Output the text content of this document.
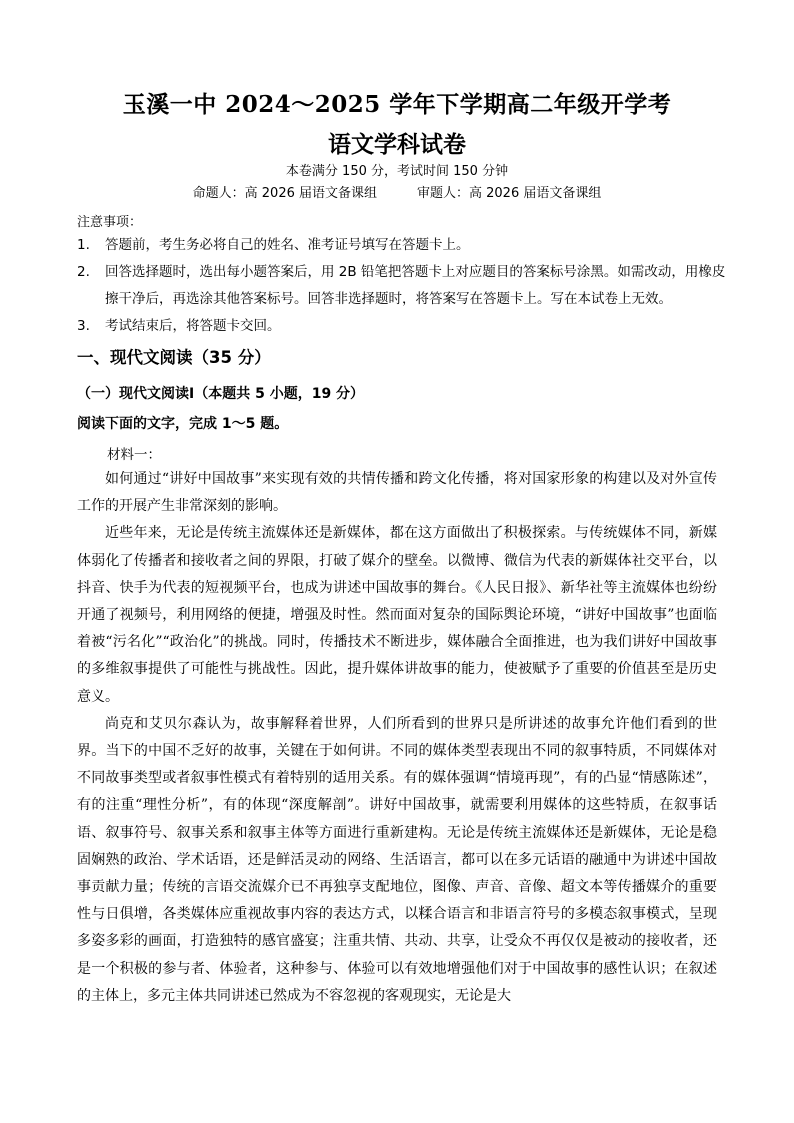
玉溪一中 2024～2025 学年下学期高二年级开学考
语文学科试卷
本卷满分 150 分，考试时间 150 分钟
命题人：高 2026 届语文备课组	审题人：高 2026 届语文备课组
注意事项：
1. 答题前，考生务必将自己的姓名、准考证号填写在答题卡上。
2. 回答选择题时，选出每小题答案后，用 2B 铅笔把答题卡上对应题目的答案标号涂黑。如需改动，用橡皮擦干净后，再选涂其他答案标号。回答非选择题时，将答案写在答题卡上。写在本试卷上无效。
3. 考试结束后，将答题卡交回。
一、现代文阅读（35 分）
（一）现代文阅读Ⅰ（本题共 5 小题，19 分）
阅读下面的文字，完成 1～5 题。
材料一：

如何通过“讲好中国故事”来实现有效的共情传播和跨文化传播，将对国家形象的构建以及对外宣传工作的开展产生非常深刻的影响。

近些年来，无论是传统主流媒体还是新媒体，都在这方面做出了积极探索。与传统媒体不同，新媒体弱化了传播者和接收者之间的界限，打破了媒介的壁垒。以微博、微信为代表的新媒体社交平台，以抖音、快手为代表的短视频平台，也成为讲述中国故事的舞台。《人民日报》、新华社等主流媒体也纷纷开通了视频号，利用网络的便捷，增强及时性。然而面对复杂的国际舆论环境，“讲好中国故事”也面临着被“污名化”“政治化”的挑战。同时，传播技术不断进步，媒体融合全面推进，也为我们讲好中国故事的多维叙事提供了可能性与挑战性。因此，提升媒体讲故事的能力，使被赋予了重要的价值甚至是历史意义。

尚克和艾贝尔森认为，故事解释着世界，人们所看到的世界只是所讲述的故事允许他们看到的世界。当下的中国不乏好的故事，关键在于如何讲。不同的媒体类型表现出不同的叙事特质，不同媒体对不同故事类型或者叙事性模式有着特别的适用关系。有的媒体强调“情境再现”，有的凸显“情感陈述”，有的注重“理性分析”，有的体现“深度解剖”。讲好中国故事，就需要利用媒体的这些特质，在叙事话语、叙事符号、叙事关系和叙事主体等方面进行重新建构。无论是传统主流媒体还是新媒体，无论是稳固娴熟的政治、学术话语，还是鲜活灵动的网络、生活语言，都可以在多元话语的融通中为讲述中国故事贡献力量；传统的言语交流媒介已不再独享支配地位，图像、声音、音像、超文本等传播媒介的重要性与日俱增，各类媒体应重视故事内容的表达方式，以糅合语言和非语言符号的多模态叙事模式，呈现多姿多彩的画面，打造独特的感官盛宴；注重共情、共动、共享，让受众不再仅仅是被动的接收者，还是一个积极的参与者、体验者，这种参与、体验可以有效地增强他们对于中国故事的感性认识；在叙述的主体上，多元主体共同讲述已然成为不容忽视的客观现实，无论是大
